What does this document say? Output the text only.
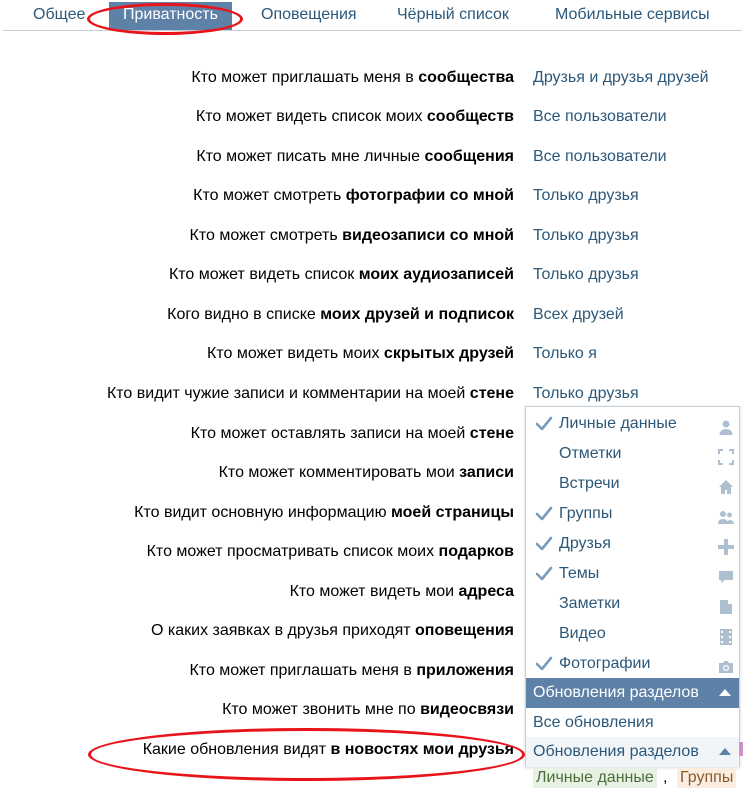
Общее	Приватность	Оповещения	Чёрный список	Мобильные сервисы
Кто может приглашать меня в сообщества Друзья и друзья друзей
Кто может видеть список моих сообществ Все пользователи
Кто может писать мне личные сообщения Все пользователи
Кто может смотреть фотографии со мной Только друзья
Кто может смотреть видеозаписи со мной Только друзья
Кто может видеть список моих аудиозаписей Только друзья
Кого видно в списке моих друзей и подписок Всех друзей
Кто может видеть моих скрытых друзей Только я
Кто видит чужие записи и комментарии на моей стене Только друзья
Кто может оставлять записи на моей стене
Кто может комментировать мои записи
Кто видит основную информацию моей страницы
Кто может просматривать список моих подарков
Кто может видеть мои адреса
О каких заявках в друзья приходят оповещения
Кто может приглашать меня в приложения
Кто может звонить мне по видеосвязи
Какие обновления видят в новостях мои друзья
Личные данные
Отметки
Встречи
Группы
Друзья
Темы
Заметки
Видео
Фотографии
Обновления разделов
Все обновления
Обновления разделов
Личные данные , Группы
